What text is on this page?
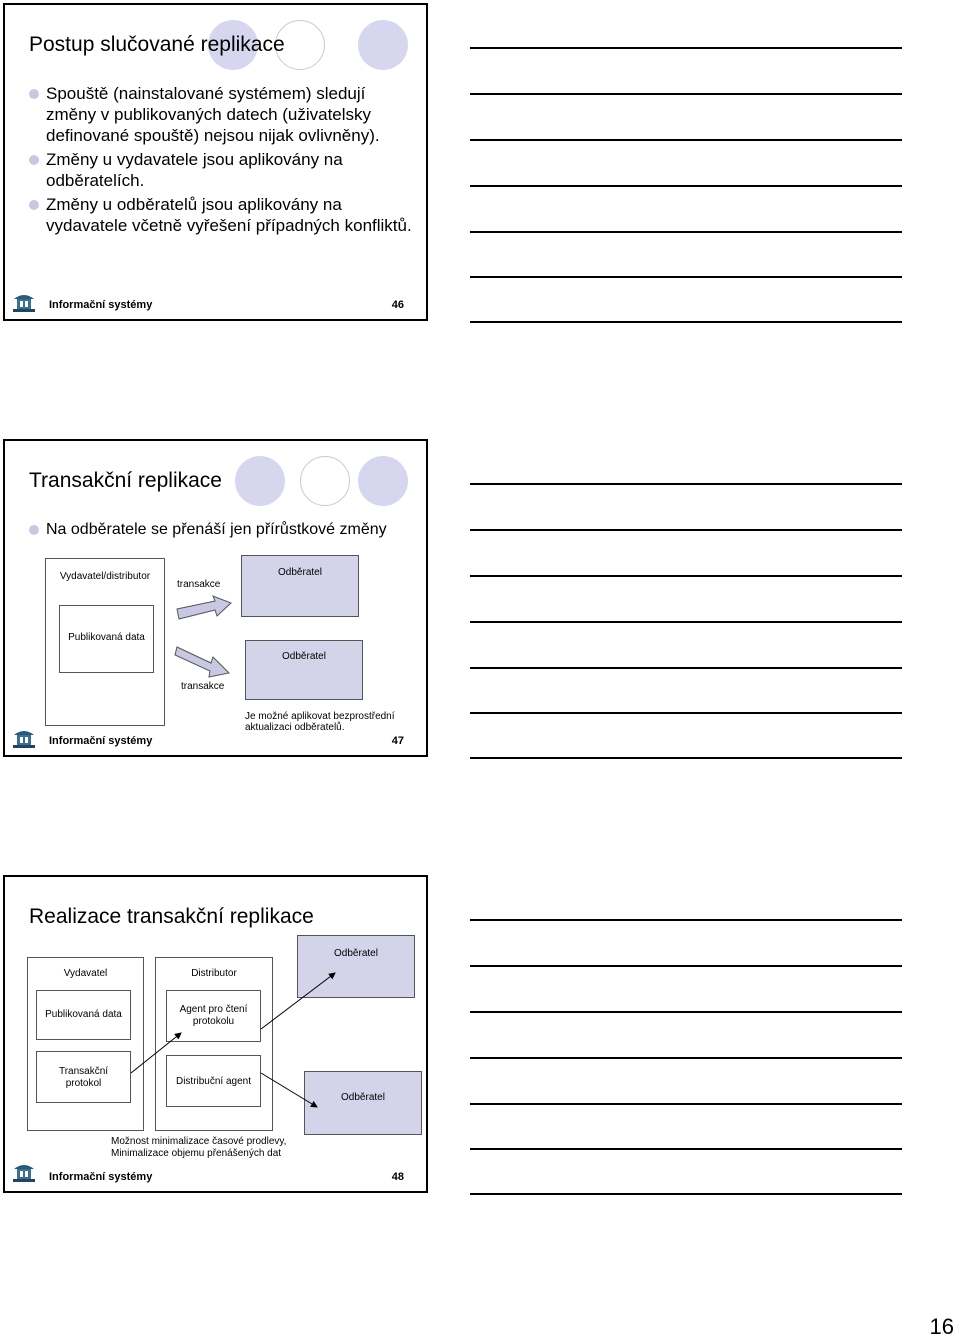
Postup slučované replikace
Spouště (nainstalované systémem) sledují změny v publikovaných datech (uživatelsky definované spouště) nejsou nijak ovlivněny).
Změny u vydavatele jsou aplikovány na odběratelích.
Změny u odběratelů jsou aplikovány na vydavatele včetně vyřešení případných konfliktů.
Informační systémy	46
Transakční replikace
Na odběratele se přenáší jen přírůstkové změny
Vydavatel/distributor
Publikovaná data
transakce
transakce
Odběratel
Odběratel
Je možné aplikovat bezprostřední aktualizaci odběratelů.
Informační systémy	47
Realizace transakční replikace
Vydavatel
Publikovaná data
Transakční protokol
Distributor
Agent pro čtení protokolu
Distribuční agent
Odběratel
Odběratel
Možnost minimalizace časové prodlevy, Minimalizace objemu přenášených dat
Informační systémy	48
16
